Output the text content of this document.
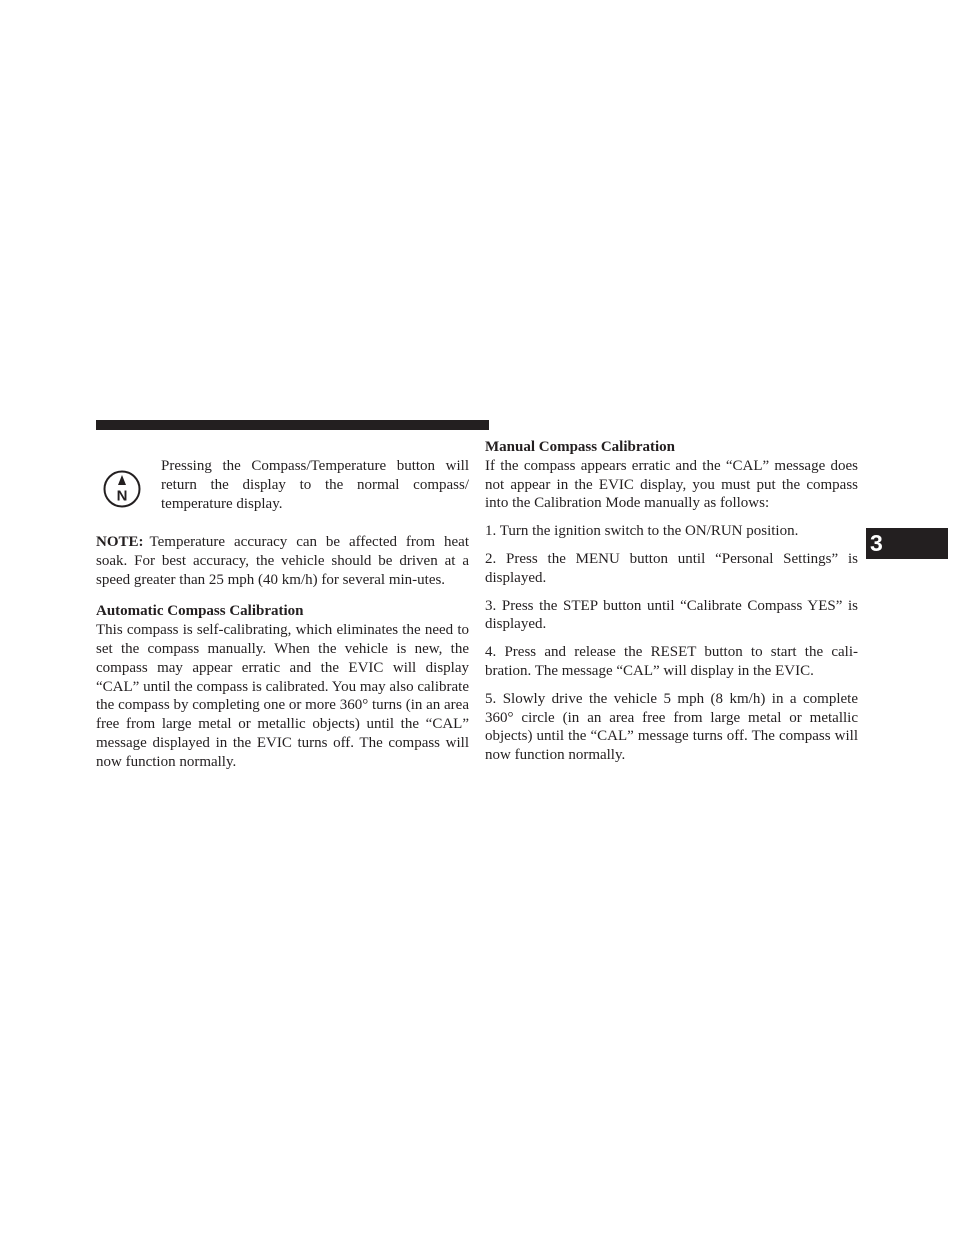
N

Pressing the Compass/Temperature button will return the display to the normal compass/ temperature display.

NOTE: Temperature accuracy can be affected from heat soak. For best accuracy, the vehicle should be driven at a speed greater than 25 mph (40 km/h) for several min-utes.

Automatic Compass Calibration

This compass is self-calibrating, which eliminates the need to set the compass manually. When the vehicle is new, the compass may appear erratic and the EVIC will display “CAL” until the compass is calibrated. You may also calibrate the compass by completing one or more 360° turns (in an area free from large metal or metallic objects) until the “CAL” message displayed in the EVIC turns off. The compass will now function normally.

Manual Compass Calibration

If the compass appears erratic and the “CAL” message does not appear in the EVIC display, you must put the compass into the Calibration Mode manually as follows:

1. Turn the ignition switch to the ON/RUN position.

2. Press the MENU button until “Personal Settings” is displayed.

3. Press the STEP button until “Calibrate Compass YES” is displayed.

4. Press and release the RESET button to start the cali-bration. The message “CAL” will display in the EVIC.

5. Slowly drive the vehicle 5 mph (8 km/h) in a complete 360° circle (in an area free from large metal or metallic objects) until the “CAL” message turns off. The compass will now function normally.

3
